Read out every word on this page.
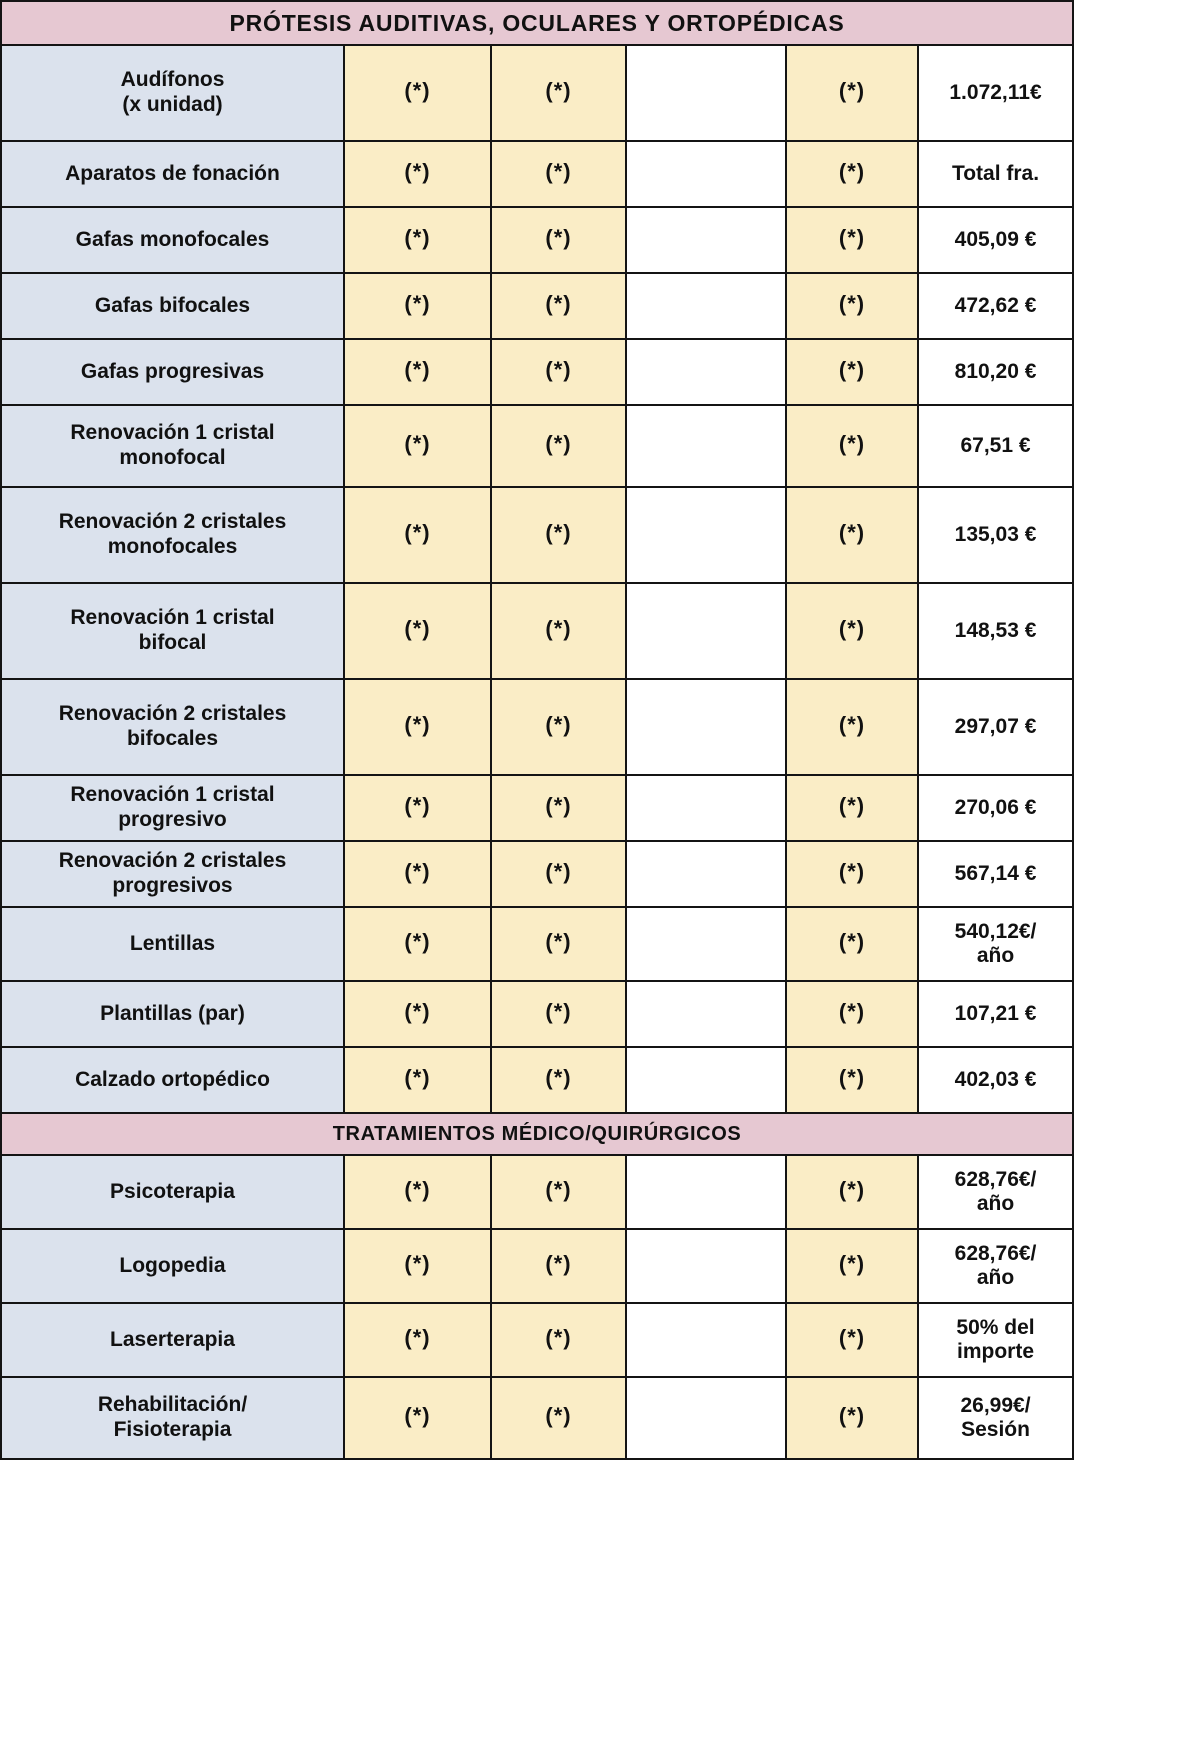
PRÓTESIS AUDITIVAS, OCULARES Y ORTOPÉDICAS					

Audífonos
(x unidad)	(*)	(*)		(*)	1.072,11€

Aparatos de fonación	(*)	(*)		(*)	Total fra.

Gafas monofocales	(*)	(*)		(*)	405,09 €

Gafas bifocales	(*)	(*)		(*)	472,62 €

Gafas progresivas	(*)	(*)		(*)	810,20 €

Renovación 1 cristal
monofocal	(*)	(*)		(*)	67,51 €

Renovación 2 cristales
monofocales	(*)	(*)		(*)	135,03 €

Renovación 1 cristal
bifocal	(*)	(*)		(*)	148,53 €

Renovación 2 cristales
bifocales	(*)	(*)		(*)	297,07 €

Renovación 1 cristal
progresivo	(*)	(*)		(*)	270,06 €

Renovación 2 cristales
progresivos	(*)	(*)		(*)	567,14 €

Lentillas	(*)	(*)		(*)	540,12€/
año

Plantillas (par)	(*)	(*)		(*)	107,21 €

Calzado ortopédico	(*)	(*)		(*)	402,03 €

TRATAMIENTOS MÉDICO/QUIRÚRGICOS					

Psicoterapia	(*)	(*)		(*)	628,76€/
año

Logopedia	(*)	(*)		(*)	628,76€/
año

Laserterapia	(*)	(*)		(*)	50% del
importe

Rehabilitación/
Fisioterapia	(*)	(*)		(*)	26,99€/
Sesión
